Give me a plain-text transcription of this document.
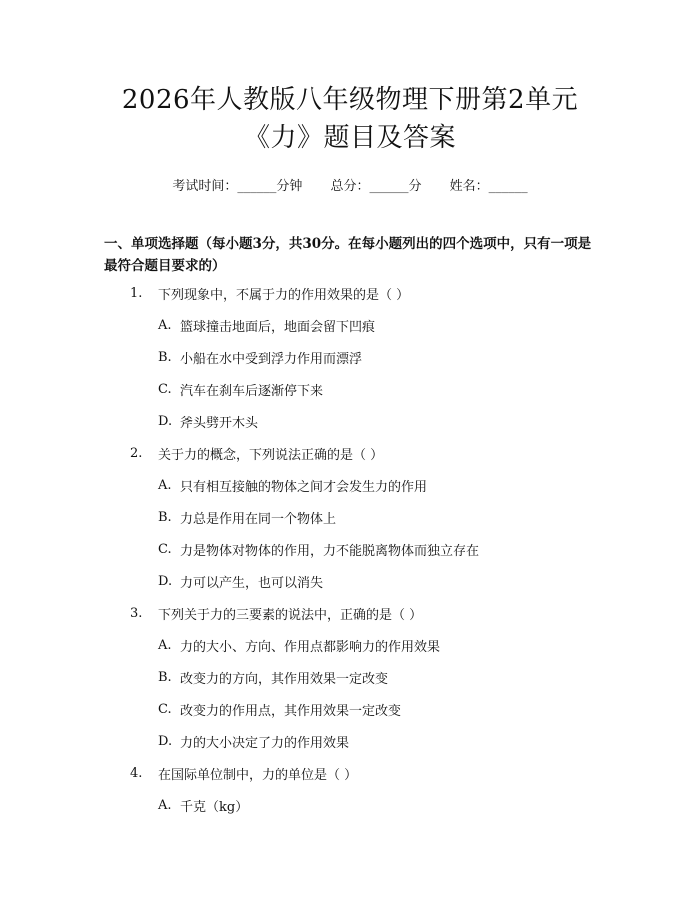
2026年人教版八年级物理下册第2单元
《力》题目及答案
考试时间：______分钟 总分：______分 姓名：______
一、单项选择题（每小题3分，共30分。在每小题列出的四个选项中，只有一项是最符合题目要求的）
1.	下列现象中，不属于力的作用效果的是（ ）
A. 篮球撞击地面后，地面会留下凹痕
B. 小船在水中受到浮力作用而漂浮
C. 汽车在刹车后逐渐停下来
D. 斧头劈开木头
2.	关于力的概念，下列说法正确的是（ ）
A. 只有相互接触的物体之间才会发生力的作用
B. 力总是作用在同一个物体上
C. 力是物体对物体的作用，力不能脱离物体而独立存在
D. 力可以产生，也可以消失
3.	下列关于力的三要素的说法中，正确的是（ ）
A. 力的大小、方向、作用点都影响力的作用效果
B. 改变力的方向，其作用效果一定改变
C. 改变力的作用点，其作用效果一定改变
D. 力的大小决定了力的作用效果
4.	在国际单位制中，力的单位是（ ）
A. 千克（kg）
